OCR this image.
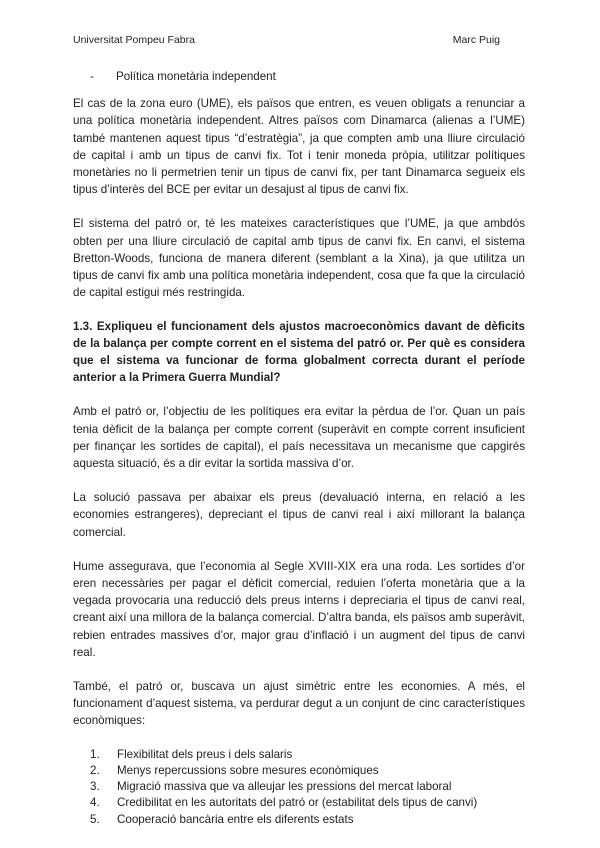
Universitat Pompeu Fabra	Marc Puig
-	Política monetària independent

El cas de la zona euro (UME), els països que entren, es veuen obligats a renunciar a una política monetària independent. Altres països com Dinamarca (alienas a l’UME) també mantenen aquest tipus “d’estratègia”, ja que compten amb una lliure circulació de capital i amb un tipus de canvi fix. Tot i tenir moneda pròpia, utilitzar polítiques monetàries no li permetrien tenir un tipus de canvi fix, per tant Dinamarca segueix els tipus d’interès del BCE per evitar un desajust al tipus de canvi fix.

El sistema del patró or, té les mateixes característiques que l’UME, ja que ambdós obten per una lliure circulació de capital amb tipus de canvi fix. En canvi, el sistema Bretton-Woods, funciona de manera diferent (semblant a la Xina), ja que utilitza un tipus de canvi fix amb una política monetària independent, cosa que fa que la circulació de capital estigui més restringida.

1.3. Expliqueu el funcionament dels ajustos macroeconòmics davant de dèficits de la balança per compte corrent en el sistema del patró or. Per què es considera que el sistema va funcionar de forma globalment correcta durant el període anterior a la Primera Guerra Mundial?

Amb el patró or, l’objectiu de les polítiques era evitar la pèrdua de l’or. Quan un país tenia dèficit de la balança per compte corrent (superàvit en compte corrent insuficient per finançar les sortides de capital), el país necessitava un mecanisme que capgirés aquesta situació, és a dir evitar la sortida massiva d’or.

La solució passava per abaixar els preus (devaluació interna, en relació a les economies estrangeres), depreciant el tipus de canvi real i així millorant la balança comercial.

Hume assegurava, que l’economia al Segle XVIII-XIX era una roda. Les sortides d’or eren necessàries per pagar el dèficit comercial, reduien l’oferta monetària que a la vegada provocaria una reducció dels preus interns i depreciaria el tipus de canvi real, creant així una millora de la balança comercial. D’altra banda, els països amb superàvit, rebien entrades massives d’or, major grau d’inflació i un augment del tipus de canvi real.

També, el patró or, buscava un ajust simètric entre les economies. A més, el funcionament d’aquest sistema, va perdurar degut a un conjunt de cinc característiques econòmiques:

1.	Flexibilitat dels preus i dels salaris
2.	Menys repercussions sobre mesures econòmiques
3.	Migració massiva que va alleujar les pressions del mercat laboral
4.	Credibilitat en les autoritats del patró or (estabilitat dels tipus de canvi)
5.	Cooperació bancària entre els diferents estats
